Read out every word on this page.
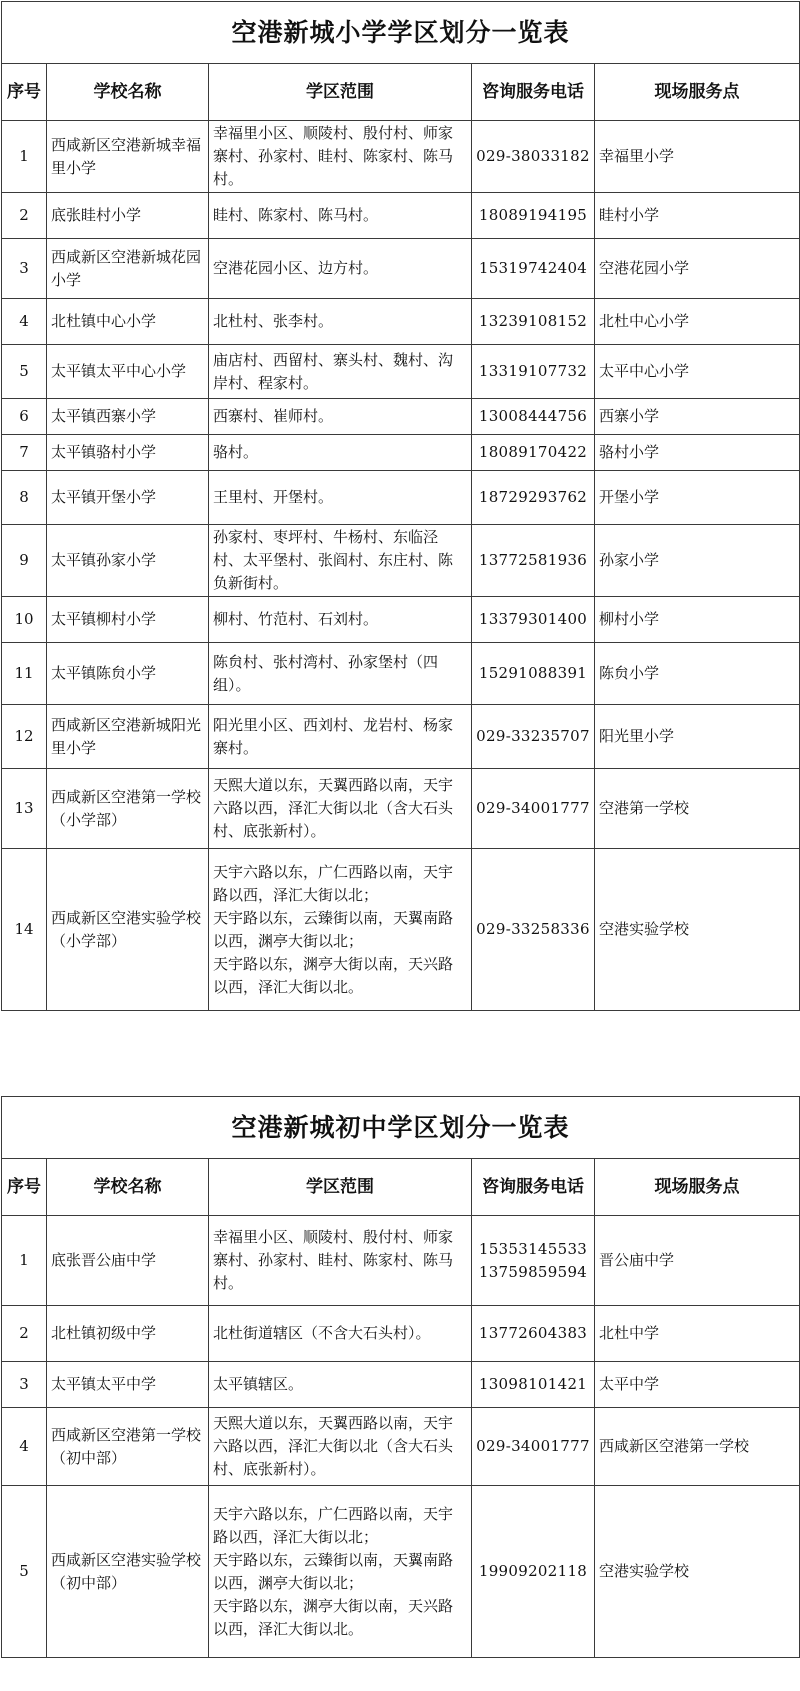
空港新城小学学区划分一览表				
序号	学校名称	学区范围	咨询服务电话	现场服务点
1	西咸新区空港新城幸福里小学	幸福里小区、顺陵村、殷付村、师家寨村、孙家村、眭村、陈家村、陈马村。	029-38033182	幸福里小学
2	底张眭村小学	眭村、陈家村、陈马村。	18089194195	眭村小学
3	西咸新区空港新城花园小学	空港花园小区、边方村。	15319742404	空港花园小学
4	北杜镇中心小学	北杜村、张李村。	13239108152	北杜中心小学
5	太平镇太平中心小学	庙店村、西留村、寨头村、魏村、沟岸村、程家村。	13319107732	太平中心小学
6	太平镇西寨小学	西寨村、崔师村。	13008444756	西寨小学
7	太平镇骆村小学	骆村。	18089170422	骆村小学
8	太平镇开堡小学	王里村、开堡村。	18729293762	开堡小学
9	太平镇孙家小学	孙家村、枣坪村、牛杨村、东临泾村、太平堡村、张阎村、东庄村、陈负新街村。	13772581936	孙家小学
10	太平镇柳村小学	柳村、竹范村、石刘村。	13379301400	柳村小学
11	太平镇陈贠小学	陈贠村、张村湾村、孙家堡村（四组）。	15291088391	陈贠小学
12	西咸新区空港新城阳光里小学	阳光里小区、西刘村、龙岩村、杨家寨村。	029-33235707	阳光里小学
13	西咸新区空港第一学校（小学部）	天熙大道以东，天翼西路以南，天宇六路以西，泽汇大街以北（含大石头村、底张新村）。	029-34001777	空港第一学校
14	西咸新区空港实验学校（小学部）	天宇六路以东，广仁西路以南，天宇路以西，泽汇大街以北；
天宇路以东，云臻街以南，天翼南路以西，渊亭大街以北；
天宇路以东，渊亭大街以南，天兴路以西，泽汇大街以北。	029-33258336	空港实验学校
空港新城初中学区划分一览表				
序号	学校名称	学区范围	咨询服务电话	现场服务点
1	底张晋公庙中学	幸福里小区、顺陵村、殷付村、师家寨村、孙家村、眭村、陈家村、陈马村。	15353145533
13759859594	晋公庙中学
2	北杜镇初级中学	北杜街道辖区（不含大石头村）。	13772604383	北杜中学
3	太平镇太平中学	太平镇辖区。	13098101421	太平中学
4	西咸新区空港第一学校（初中部）	天熙大道以东，天翼西路以南，天宇六路以西，泽汇大街以北（含大石头村、底张新村）。	029-34001777	西咸新区空港第一学校
5	西咸新区空港实验学校（初中部）	天宇六路以东，广仁西路以南，天宇路以西，泽汇大街以北；
天宇路以东，云臻街以南，天翼南路以西，渊亭大街以北；
天宇路以东，渊亭大街以南，天兴路以西，泽汇大街以北。	19909202118	空港实验学校
